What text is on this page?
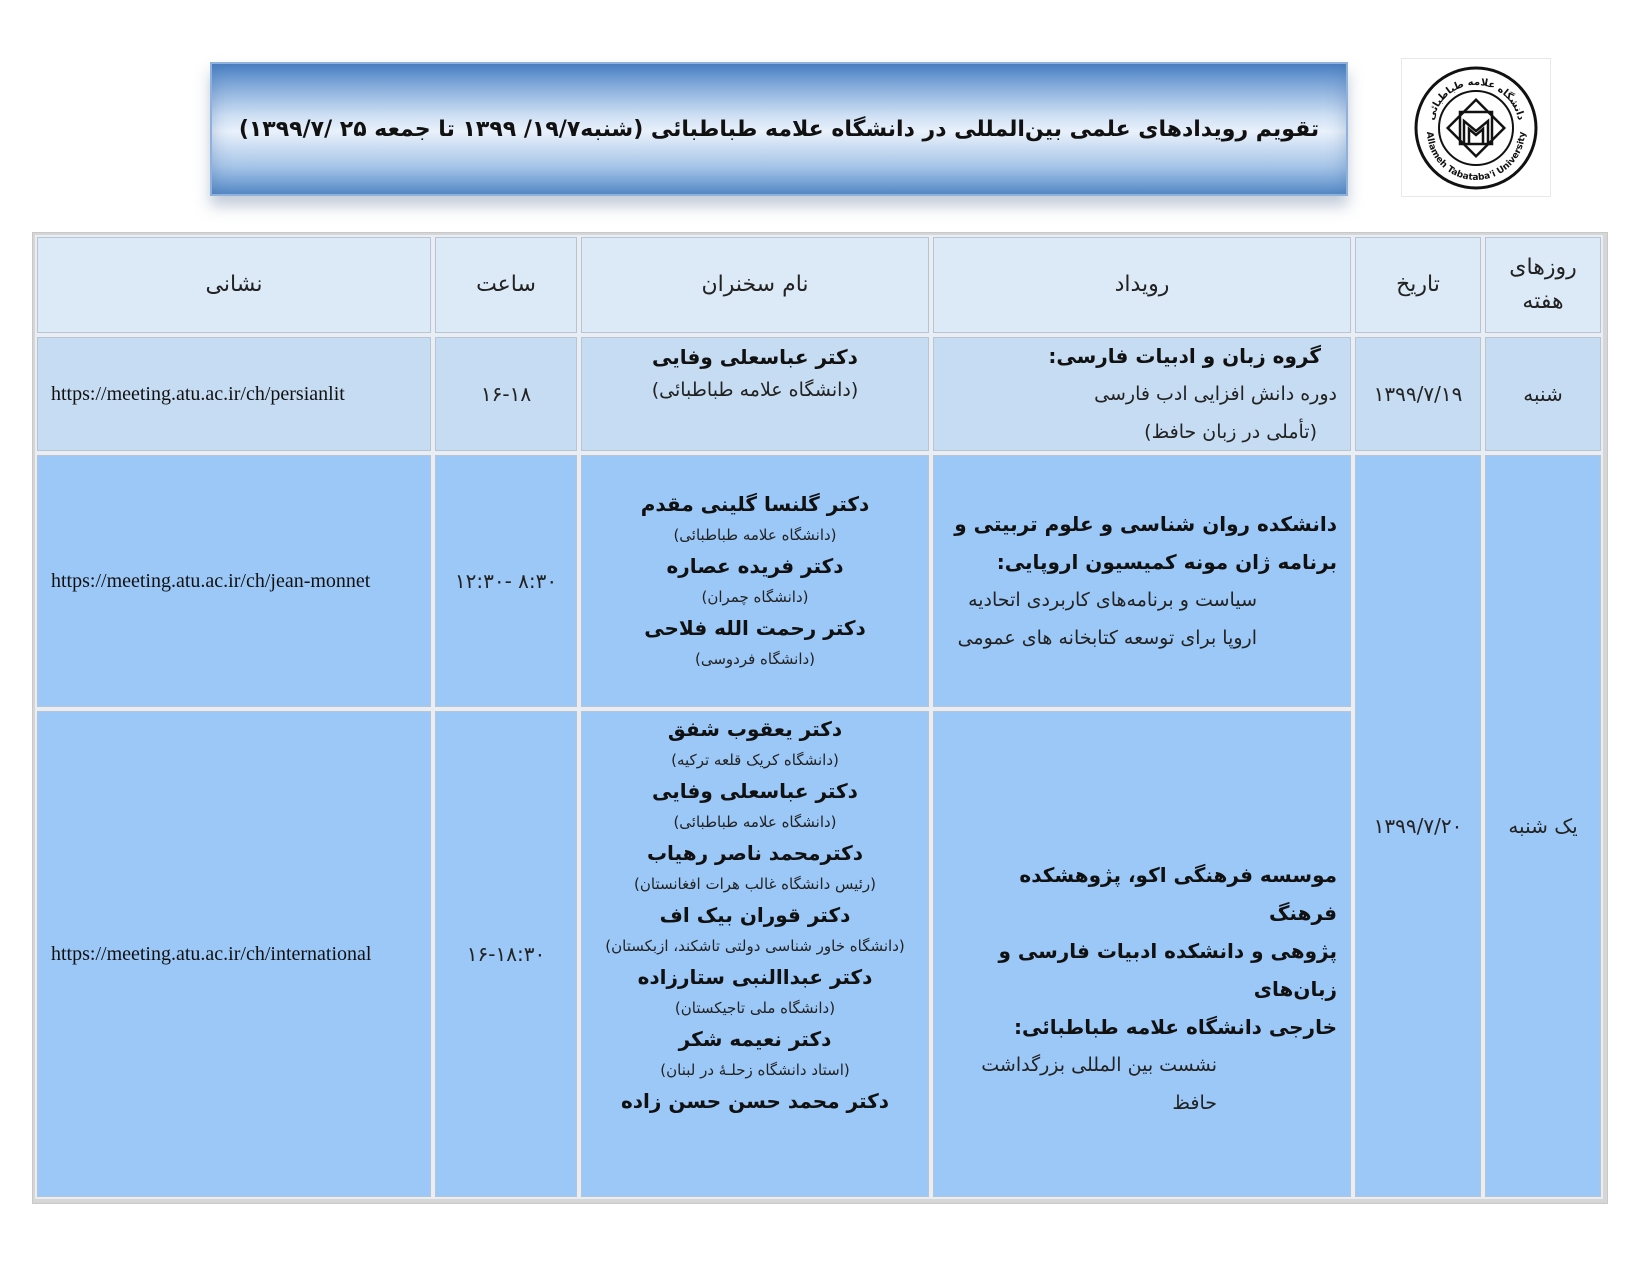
تقویم رویدادهای علمی بین‌المللی در دانشگاه علامه طباطبائی (شنبه۱۹/۷/ ۱۳۹۹ تا جمعه ۲۵ /۱۳۹۹/۷)
دانشگاه علامه طباطبائی
Allameh Tabataba'i University
روزهای هفته
تاریخ
رویداد
نام سخنران
ساعت
نشانی
شنبه
۱۳۹۹/۷/۱۹
گروه زبان و ادبیات فارسی:
دوره دانش افزایی ادب فارسی
(تأملی در زبان حافظ)
دکتر عباسعلی وفایی
(دانشگاه علامه طباطبائی)
۱۶-۱۸
https://meeting.atu.ac.ir/ch/persianlit
یک شنبه
۱۳۹۹/۷/۲۰
دانشکده روان شناسی و علوم تربیتی و
برنامه ژان مونه کمیسیون اروپایی:
سیاست و برنامه‌های کاربردی اتحادیه
اروپا برای توسعه کتابخانه های عمومی
دکتر گلنسا گلینی مقدم
(دانشگاه علامه طباطبائی)
دکتر فریده عصاره
(دانشگاه چمران)
دکتر رحمت الله فلاحی
(دانشگاه فردوسی)
۸:۳۰ -۱۲:۳۰
https://meeting.atu.ac.ir/ch/jean-monnet
موسسه فرهنگی اکو، پژوهشکده فرهنگ
پژوهی و دانشکده ادبیات فارسی و زبان‌های
خارجی دانشگاه علامه طباطبائی:
نشست بین المللی بزرگداشت حافظ
دکتر یعقوب شفق
(دانشگاه کریک قلعه ترکیه)
دکتر عباسعلی وفایی
(دانشگاه علامه طباطبائی)
دکترمحمد ناصر رهیاب
(رئیس دانشگاه غالب هرات افغانستان)
دکتر قوران بیک اف
(دانشگاه خاور شناسی دولتی تاشکند، ازبکستان)
دکتر عبداالنبی ستارزاده
(دانشگاه ملی تاجیکستان)
دکتر نعیمه شکر
(استاد دانشگاه زحلـۀ در لبنان)
دکتر محمد حسن حسن زاده
۱۶-۱۸:۳۰
https://meeting.atu.ac.ir/ch/international
